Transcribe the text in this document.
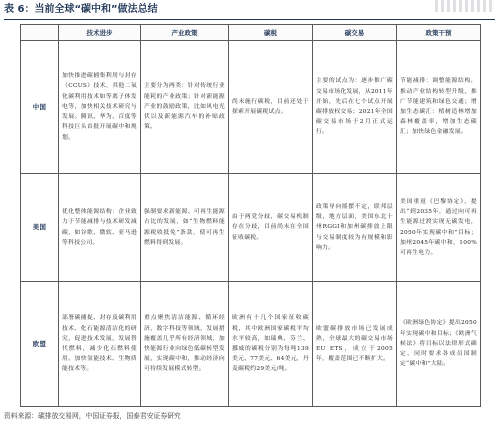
表 6：当前全球“碳中和”做法总结
	技术进步	产业政策	碳税	碳交易	政策干预
中国	加快推进碳捕集利用与封存（CCUS）技术，其他二氧化碳利用技术如等离子体发电等，加快相关技术研究与发展。腾讯、华为、百度等科技巨头首批开展碳中和规划。	主要分为两类：针对传统行业能耗的产业政策；针对新能源产业的鼓励政策，比如风电光伏以及新能源汽车的补贴政策。	尚未施行碳税，目前还处于探索开展碳税试点。	主要的试点为：逐步推广碳交易市场化发展，从2011年开始，先后在七个试点开展碳排放权交易；2021年全国碳交易市场于2月正式运行。	节能减排：调整能源结构，推动产业结构转型升级，推广节能建筑和绿色交通；增加生态碳汇：植树造林增加森林覆盖率，增加生态碳汇；加快绿色金融发展。
美国	优化整体能源结构：企业致力于节能减排与技术研发减碳，如谷歌、微软、亚马逊等科技公司。	强制要求新能源、可再生能源占比的发展，如“生物燃料能源税收抵免”条款，使可再生燃料得到发展。	由于两党分歧，碳交易机制存在分歧，目前尚未在全国征收碳税。	政策导向摇摆不定，联邦层级，地方层面，美国东北十州RGGI和加州碳排放上限与交易制度较为有规模和影响力。	美国重返《巴黎协定》，提出“到2035年，通过向可再生能源过渡实现无碳发电，2050年实现碳中和”目标；加州2045年碳中和，100%可再生电力。
欧盟	部署碳捕捉、封存及碳利用技术、化石能源清洁化的研究，促进技术发展，发展替代燃料，减少化石燃料使用。加快氢能技术、生物质能技术等。	重点聚焦清洁能源、循环经济、数字科技等领域，发展措施覆盖几乎所有经济领域，加快能源行业向绿色低碳转型发展，实现碳中和，推动经济向可持续发展模式转型。	欧洲有十几个国家征收碳税，其中欧洲国家碳税平均水平较高，如瑞典、芬兰、挪威的碳税分别为每吨139美元、77美元、64美元，丹麦碳税约29美元/吨。	欧盟碳排放市场已发展成熟，全球最大的碳交易市场EU ETS，成立于2005年，覆盖范围已不断扩大。	《欧洲绿色协定》提出2050年实现碳中和目标；《欧洲气候法》将目标以法律形式确定，同时要求各成员国制定“碳中和”大陆。
资料来源：碳排放交易网，中国证券报，国泰君安证券研究
